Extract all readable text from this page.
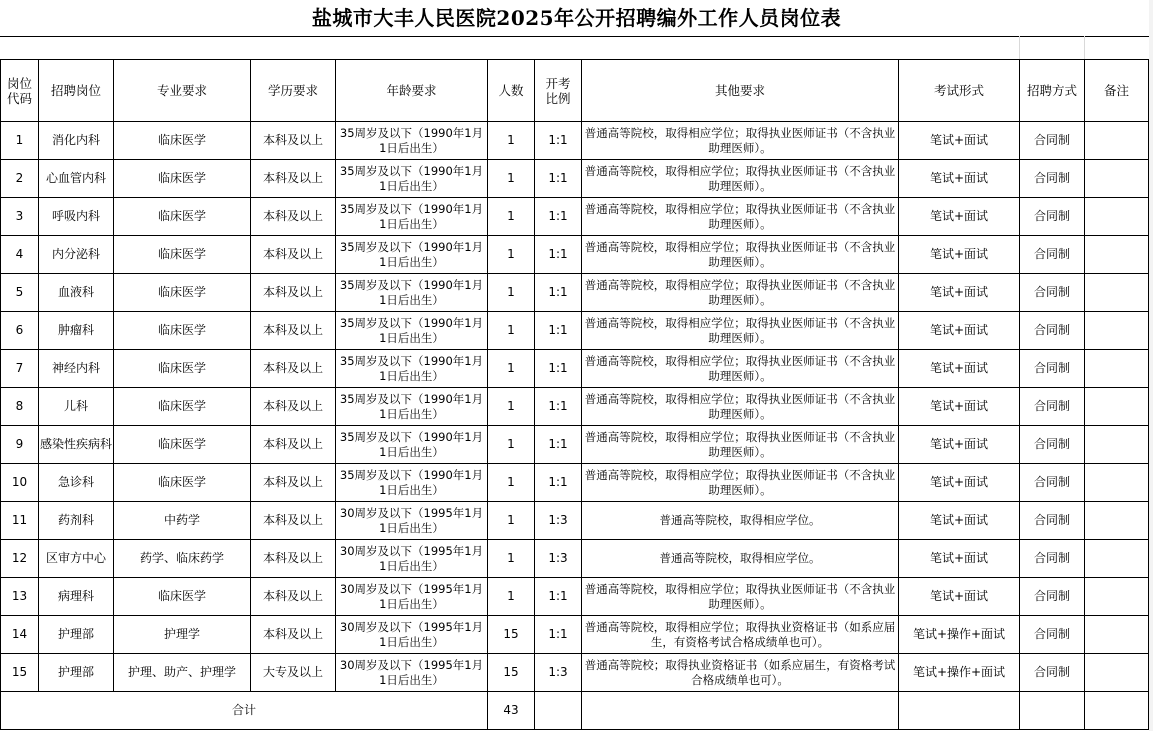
盐城市大丰人民医院2025年公开招聘编外工作人员岗位表
岗位代码	招聘岗位	专业要求	学历要求	年龄要求	人数	开考比例	其他要求	考试形式	招聘方式	备注
1	消化内科	临床医学	本科及以上	35周岁及以下（1990年1月1日后出生）	1	1:1	普通高等院校，取得相应学位；取得执业医师证书（不含执业助理医师）。	笔试+面试	合同制	
2	心血管内科	临床医学	本科及以上	35周岁及以下（1990年1月1日后出生）	1	1:1	普通高等院校，取得相应学位；取得执业医师证书（不含执业助理医师）。	笔试+面试	合同制	
3	呼吸内科	临床医学	本科及以上	35周岁及以下（1990年1月1日后出生）	1	1:1	普通高等院校，取得相应学位；取得执业医师证书（不含执业助理医师）。	笔试+面试	合同制	
4	内分泌科	临床医学	本科及以上	35周岁及以下（1990年1月1日后出生）	1	1:1	普通高等院校，取得相应学位；取得执业医师证书（不含执业助理医师）。	笔试+面试	合同制	
5	血液科	临床医学	本科及以上	35周岁及以下（1990年1月1日后出生）	1	1:1	普通高等院校，取得相应学位；取得执业医师证书（不含执业助理医师）。	笔试+面试	合同制	
6	肿瘤科	临床医学	本科及以上	35周岁及以下（1990年1月1日后出生）	1	1:1	普通高等院校，取得相应学位；取得执业医师证书（不含执业助理医师）。	笔试+面试	合同制	
7	神经内科	临床医学	本科及以上	35周岁及以下（1990年1月1日后出生）	1	1:1	普通高等院校，取得相应学位；取得执业医师证书（不含执业助理医师）。	笔试+面试	合同制	
8	儿科	临床医学	本科及以上	35周岁及以下（1990年1月1日后出生）	1	1:1	普通高等院校，取得相应学位；取得执业医师证书（不含执业助理医师）。	笔试+面试	合同制	
9	感染性疾病科	临床医学	本科及以上	35周岁及以下（1990年1月1日后出生）	1	1:1	普通高等院校，取得相应学位；取得执业医师证书（不含执业助理医师）。	笔试+面试	合同制	
10	急诊科	临床医学	本科及以上	35周岁及以下（1990年1月1日后出生）	1	1:1	普通高等院校，取得相应学位；取得执业医师证书（不含执业助理医师）。	笔试+面试	合同制	
11	药剂科	中药学	本科及以上	30周岁及以下（1995年1月1日后出生）	1	1:3	普通高等院校，取得相应学位。	笔试+面试	合同制	
12	区审方中心	药学、临床药学	本科及以上	30周岁及以下（1995年1月1日后出生）	1	1:3	普通高等院校，取得相应学位。	笔试+面试	合同制	
13	病理科	临床医学	本科及以上	30周岁及以下（1995年1月1日后出生）	1	1:1	普通高等院校，取得相应学位；取得执业医师证书（不含执业助理医师）。	笔试+面试	合同制	
14	护理部	护理学	本科及以上	30周岁及以下（1995年1月1日后出生）	15	1:1	普通高等院校，取得相应学位；取得执业资格证书（如系应届生，有资格考试合格成绩单也可）。	笔试+操作+面试	合同制	
15	护理部	护理、助产、护理学	大专及以上	30周岁及以下（1995年1月1日后出生）	15	1:3	普通高等院校；取得执业资格证书（如系应届生，有资格考试合格成绩单也可）。	笔试+操作+面试	合同制	
合计					43					
